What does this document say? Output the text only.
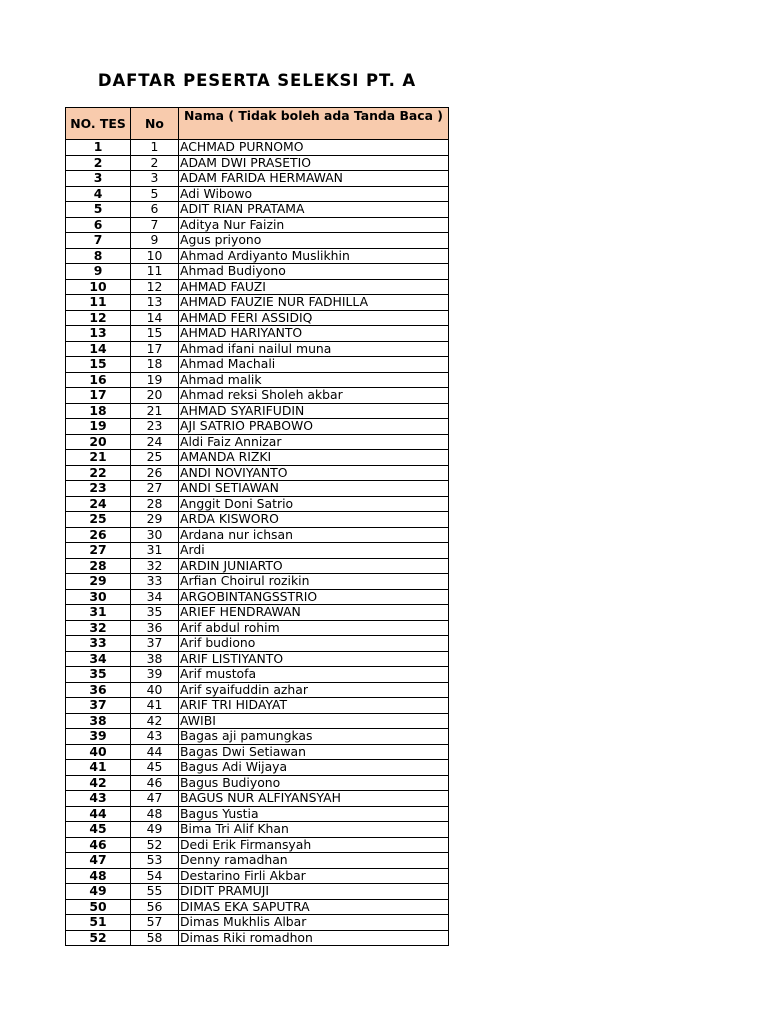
DAFTAR PESERTA SELEKSI PT. A
NO. TES	No	Nama ( Tidak boleh ada Tanda Baca )
1	1	ACHMAD PURNOMO
2	2	ADAM DWI PRASETIO
3	3	ADAM FARIDA HERMAWAN
4	5	Adi Wibowo
5	6	ADIT RIAN PRATAMA
6	7	Aditya Nur Faizin
7	9	Agus priyono
8	10	Ahmad Ardiyanto Muslikhin
9	11	Ahmad Budiyono
10	12	AHMAD FAUZI
11	13	AHMAD FAUZIE NUR FADHILLA
12	14	AHMAD FERI ASSIDIQ
13	15	AHMAD HARIYANTO
14	17	Ahmad ifani nailul muna
15	18	Ahmad Machali
16	19	Ahmad malik
17	20	Ahmad reksi Sholeh akbar
18	21	AHMAD SYARIFUDIN
19	23	AJI SATRIO PRABOWO
20	24	Aldi Faiz Annizar
21	25	AMANDA RIZKI
22	26	ANDI NOVIYANTO
23	27	ANDI SETIAWAN
24	28	Anggit Doni Satrio
25	29	ARDA KISWORO
26	30	Ardana nur ichsan
27	31	Ardi
28	32	ARDIN JUNIARTO
29	33	Arfian Choirul rozikin
30	34	ARGOBINTANGSSTRIO
31	35	ARIEF HENDRAWAN
32	36	Arif abdul rohim
33	37	Arif budiono
34	38	ARIF LISTIYANTO
35	39	Arif mustofa
36	40	Arif syaifuddin azhar
37	41	ARIF TRI HIDAYAT
38	42	AWIBI
39	43	Bagas aji pamungkas
40	44	Bagas Dwi Setiawan
41	45	Bagus Adi Wijaya
42	46	Bagus Budiyono
43	47	BAGUS NUR ALFIYANSYAH
44	48	Bagus Yustia
45	49	Bima Tri Alif Khan
46	52	Dedi Erik Firmansyah
47	53	Denny ramadhan
48	54	Destarino Firli Akbar
49	55	DIDIT PRAMUJI
50	56	DIMAS EKA SAPUTRA
51	57	Dimas Mukhlis Albar
52	58	Dimas Riki romadhon
